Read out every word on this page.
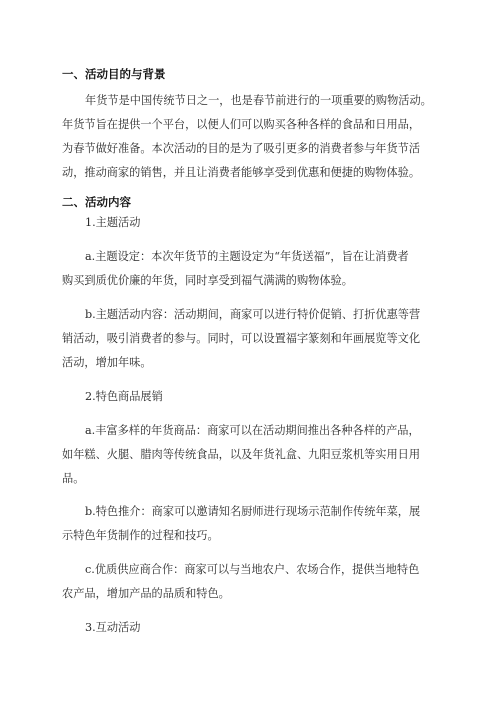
一、活动目的与背景
年货节是中国传统节日之一，也是春节前进行的一项重要的购物活动。
年货节旨在提供一个平台，以便人们可以购买各种各样的食品和日用品，
为春节做好准备。本次活动的目的是为了吸引更多的消费者参与年货节活
动，推动商家的销售，并且让消费者能够享受到优惠和便捷的购物体验。
二、活动内容
1.主题活动
a.主题设定：本次年货节的主题设定为“年货送福”，旨在让消费者
购买到质优价廉的年货，同时享受到福气满满的购物体验。
b.主题活动内容：活动期间，商家可以进行特价促销、打折优惠等营
销活动，吸引消费者的参与。同时，可以设置福字篆刻和年画展览等文化
活动，增加年味。
2.特色商品展销
a.丰富多样的年货商品：商家可以在活动期间推出各种各样的产品，
如年糕、火腿、腊肉等传统食品，以及年货礼盒、九阳豆浆机等实用日用
品。
b.特色推介：商家可以邀请知名厨师进行现场示范制作传统年菜，展
示特色年货制作的过程和技巧。
c.优质供应商合作：商家可以与当地农户、农场合作，提供当地特色
农产品，增加产品的品质和特色。
3.互动活动
